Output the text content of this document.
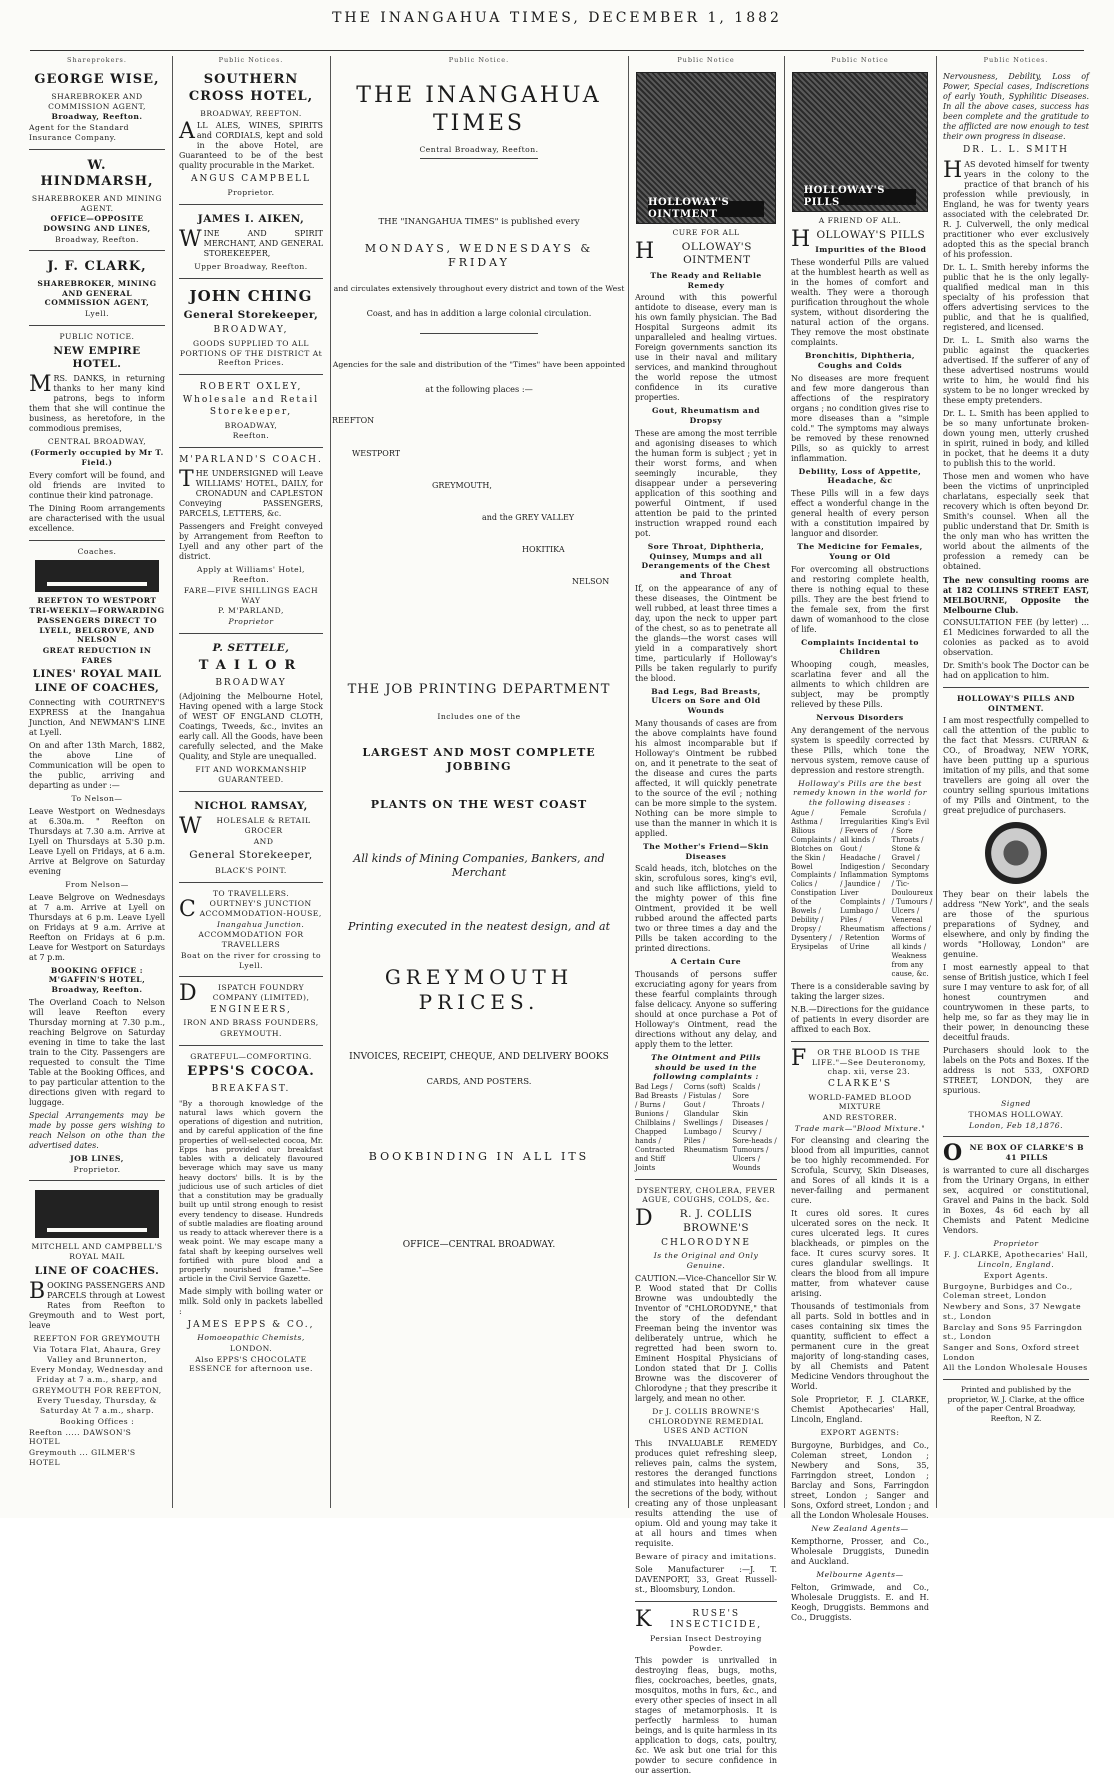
THE INANGAHUA TIMES, DECEMBER 1, 1882
Shareprokers.
GEORGE WISE,
SHAREBROKER AND COMMISSION AGENT,
Broadway, Reefton.
Agent for the Standard Insurance Company.
W. HINDMARSH,
SHAREBROKER AND MINING AGENT.
OFFICE—OPPOSITE DOWSING AND LINES,
Broadway, Reefton.
J. F. CLARK,
SHAREBROKER, MINING AND GENERAL COMMISSION AGENT,
Lyell.
PUBLIC NOTICE.
NEW EMPIRE HOTEL.
MRS. DANKS, in returning thanks to her many kind patrons, begs to inform them that she will continue the business, as heretofore, in the commodious premises,
CENTRAL BROADWAY,
(Formerly occupied by Mr T. Field.)
Every comfort will be found, and old friends are invited to continue their kind patronage.
The Dining Room arrangements are characterised with the usual excellence.
Coaches.
REEFTON TO WESTPORT TRI-WEEKLY—FORWARDING PASSENGERS DIRECT TO LYELL, BELGROVE, AND NELSON
GREAT REDUCTION IN FARES
LINES' ROYAL MAIL LINE OF COACHES,
Connecting with COURTNEY'S EXPRESS at the Inangahua Junction, And NEWMAN'S LINE at Lyell.
On and after 13th March, 1882, the above Line of Communication will be open to the public, arriving and departing as under :—
To Nelson—
Leave Westport on Wednesdays at 6.30a.m. " Reefton on Thursdays at 7.30 a.m. Arrive at Lyell on Thursdays at 5.30 p.m. Leave Lyell on Fridays, at 6 a.m. Arrive at Belgrove on Saturday evening
From Nelson—
Leave Belgrove on Wednesdays at 7 a.m. Arrive at Lyell on Thursdays at 6 p.m. Leave Lyell on Fridays at 9 a.m. Arrive at Reefton on Fridays at 6 p.m. Leave for Westport on Saturdays at 7 p.m.
BOOKING OFFICE : M'GAFFIN'S HOTEL, Broadway, Reefton.
The Overland Coach to Nelson will leave Reefton every Thursday morning at 7.30 p.m., reaching Belgrove on Saturday evening in time to take the last train to the City. Passengers are requested to consult the Time Table at the Booking Offices, and to pay particular attention to the directions given with regard to luggage.
Special Arrangements may be made by posse gers wishing to reach Nelson on othe than the advertised dates.
JOB LINES,
Proprietor.
MITCHELL AND CAMPBELL'S ROYAL MAIL
LINE OF COACHES.
BOOKING PASSENGERS AND PARCELS through at Lowest Rates from Reefton to Greymouth and to West port, leave
REEFTON FOR GREYMOUTH
Via Totara Flat, Ahaura, Grey Valley and Brunnerton,
Every Monday, Wednesday and Friday at 7 a.m., sharp, and
GREYMOUTH FOR REEFTON,
Every Tuesday, Thursday, & Saturday At 7 a.m., sharp.
Booking Offices :
Reefton ..... DAWSON'S HOTEL
Greymouth ... GILMER'S HOTEL
Public Notices.
SOUTHERN CROSS HOTEL,
BROADWAY, REEFTON.
ALL ALES, WINES, SPIRITS and CORDIALS, kept and sold in the above Hotel, are Guaranteed to be of the best quality procurable in the Market.
ANGUS CAMPBELL
Proprietor.
JAMES I. AIKEN,
WINE AND SPIRIT MERCHANT, AND GENERAL STOREKEEPER,
Upper Broadway, Reefton.
JOHN CHING
General Storekeeper,
BROADWAY,
GOODS SUPPLIED TO ALL PORTIONS OF THE DISTRICT At Reefton Prices.
ROBERT OXLEY,
Wholesale and Retail Storekeeper,
BROADWAY,
Reefton.
M'PARLAND'S COACH.
THE UNDERSIGNED will Leave WILLIAMS' HOTEL, DAILY, for CRONADUN and CAPLESTON Conveying PASSENGERS, PARCELS, LETTERS, &c.
Passengers and Freight conveyed by Arrangement from Reefton to Lyell and any other part of the district.
Apply at Williams' Hotel, Reefton.
FARE—FIVE SHILLINGS EACH WAY
P. M'PARLAND,
Proprietor
P. SETTELE,
TAILOR
BROADWAY
(Adjoining the Melbourne Hotel, Having opened with a large Stock of WEST OF ENGLAND CLOTH, Coatings, Tweeds, &c., invites an early call. All the Goods, have been carefully selected, and the Make Quality, and Style are unequalled.
FIT AND WORKMANSHIP GUARANTEED.
NICHOL RAMSAY,
WHOLESALE & RETAIL GROCER
AND
General Storekeeper,
BLACK'S POINT.
TO TRAVELLERS.
COURTNEY'S JUNCTION ACCOMMODATION-HOUSE,
Inangahua Junction.
ACCOMMODATION FOR TRAVELLERS
Boat on the river for crossing to Lyell.
DISPATCH FOUNDRY COMPANY (LIMITED),
ENGINEERS,
IRON AND BRASS FOUNDERS,
GREYMOUTH.
GRATEFUL—COMFORTING.
EPPS'S COCOA.
BREAKFAST.
"By a thorough knowledge of the natural laws which govern the operations of digestion and nutrition, and by careful application of the fine properties of well-selected cocoa, Mr. Epps has provided our breakfast tables with a delicately flavoured beverage which may save us many heavy doctors' bills. It is by the judicious use of such articles of diet that a constitution may be gradually built up until strong enough to resist every tendency to disease. Hundreds of subtle maladies are floating around us ready to attack wherever there is a weak point. We may escape many a fatal shaft by keeping ourselves well fortified with pure blood and a properly nourished frame."—See article in the Civil Service Gazette.
Made simply with boiling water or milk. Sold only in packets labelled :
JAMES EPPS & CO.,
Homoeopathic Chemists,
LONDON.
Also EPPS'S CHOCOLATE ESSENCE for afternoon use.
Public Notice.
THE INANGAHUA TIMES
Central Broadway, Reefton.
THE "INANGAHUA TIMES" is published every
MONDAYS, WEDNESDAYS & FRIDAY
and circulates extensively throughout every district and town of the West
Coast, and has in addition a large colonial circulation.
Agencies for the sale and distribution of the "Times" have been appointed
at the following places :—
REEFTON
WESTPORT
GREYMOUTH,
and the GREY VALLEY
HOKITIKA
NELSON
THE JOB PRINTING DEPARTMENT
Includes one of the
LARGEST AND MOST COMPLETE JOBBING
PLANTS ON THE WEST COAST
All kinds of Mining Companies, Bankers, and Merchant
Printing executed in the neatest design, and at
GREYMOUTH PRICES.
INVOICES, RECEIPT, CHEQUE, AND DELIVERY BOOKS
CARDS, AND POSTERS.
BOOKBINDING IN ALL ITS
OFFICE—CENTRAL BROADWAY.
Public Notice
HOLLOWAY'S OINTMENT
CURE FOR ALL
HOLLOWAY'S OINTMENT
The Ready and Reliable Remedy
Around with this powerful antidote to disease, every man is his own family physician. The Bad Hospital Surgeons admit its unparalleled and healing virtues. Foreign governments sanction its use in their naval and military services, and mankind throughout the world repose the utmost confidence in its curative properties.
Gout, Rheumatism and Dropsy
These are among the most terrible and agonising diseases to which the human form is subject ; yet in their worst forms, and when seemingly incurable, they disappear under a persevering application of this soothing and powerful Ointment, if used attention be paid to the printed instruction wrapped round each pot.
Sore Throat, Diphtheria, Quinsey, Mumps and all Derangements of the Chest and Throat
If, on the appearance of any of these diseases, the Ointment be well rubbed, at least three times a day, upon the neck to upper part of the chest, so as to penetrate all the glands—the worst cases will yield in a comparatively short time, particularly if Holloway's Pills be taken regularly to purify the blood.
Bad Legs, Bad Breasts, Ulcers on Sore and Old Wounds
Many thousands of cases are from the above complaints have found his almost incomparable but if Holloway's Ointment be rubbed on, and it penetrate to the seat of the disease and cures the parts affected, it will quickly penetrate to the source of the evil ; nothing can be more simple to the system. Nothing can be more simple to use than the manner in which it is applied.
The Mother's Friend—Skin Diseases
Scald heads, itch, blotches on the skin, scrofulous sores, king's evil, and such like afflictions, yield to the mighty power of this fine Ointment, provided it be well rubbed around the affected parts two or three times a day and the Pills be taken according to the printed directions.
A Certain Cure
Thousands of persons suffer excruciating agony for years from these fearful complaints through false delicacy. Anyone so suffering should at once purchase a Pot of Holloway's Ointment, read the directions without any delay, and apply them to the letter.
The Ointment and Pills should be used in the following complaints :
Bad Legs / Bad Breasts / Burns / Bunions / Chilblains / Chapped hands / Contracted and Stiff Joints
Corns (soft) / Fistulas / Gout / Glandular Swellings / Lumbago / Piles / Rheumatism
Scalds / Sore Throats / Skin Diseases / Scurvy / Sore-heads / Tumours / Ulcers / Wounds
DYSENTERY, CHOLERA, FEVER AGUE, COUGHS, COLDS, &c.
DR. J. COLLIS BROWNE'S
CHLORODYNE
Is the Original and Only Genuine.
CAUTION.—Vice-Chancellor Sir W. P. Wood stated that Dr Collis Browne was undoubtedly the Inventor of "CHLORODYNE," that the story of the defendant Freeman being the inventor was deliberately untrue, which he regretted had been sworn to. Eminent Hospital Physicians of London stated that Dr J. Collis Browne was the discoverer of Chlorodyne ; that they prescribe it largely, and mean no other.
Dr J. COLLIS BROWNE'S CHLORODYNE REMEDIAL USES AND ACTION
This INVALUABLE REMEDY produces quiet refreshing sleep, relieves pain, calms the system, restores the deranged functions and stimulates into healthy action the secretions of the body, without creating any of those unpleasant results attending the use of opium. Old and young may take it at all hours and times when requisite.
Beware of piracy and imitations.
Sole Manufacturer :—J. T. DAVENPORT, 33, Great Russell-st., Bloomsbury, London.
KRUSE'S INSECTICIDE,
Persian Insect Destroying Powder.
This powder is unrivalled in destroying fleas, bugs, moths, flies, cockroaches, beetles, gnats, mosquitos, moths in furs, &c., and every other species of insect in all stages of metamorphosis. It is perfectly harmless to human beings, and is quite harmless in its application to dogs, cats, poultry, &c. We ask but one trial for this powder to secure confidence in our assertion.
Public Notice
HOLLOWAY'S PILLS
A FRIEND OF ALL.
HOLLOWAY'S PILLS
Impurities of the Blood
These wonderful Pills are valued at the humblest hearth as well as in the homes of comfort and wealth. They were a thorough purification throughout the whole system, without disordering the natural action of the organs. They remove the most obstinate complaints.
Bronchitis, Diphtheria, Coughs and Colds
No diseases are more frequent and few more dangerous than affections of the respiratory organs ; no condition gives rise to more diseases than a "simple cold." The symptoms may always be removed by these renowned Pills, so as quickly to arrest inflammation.
Debility, Loss of Appetite, Headache, &c
These Pills will in a few days effect a wonderful change in the general health of every person with a constitution impaired by languor and disorder.
The Medicine for Females, Young or Old
For overcoming all obstructions and restoring complete health, there is nothing equal to these pills. They are the best friend to the female sex, from the first dawn of womanhood to the close of life.
Complaints Incidental to Children
Whooping cough, measles, scarlatina fever and all the ailments to which children are subject, may be promptly relieved by these Pills.
Nervous Disorders
Any derangement of the nervous system is speedily corrected by these Pills, which tone the nervous system, remove cause of depression and restore strength.
Holloway's Pills are the best remedy known in the world for the following diseases :
Ague / Asthma / Bilious Complaints / Blotches on the Skin / Bowel Complaints / Colics / Constipation of the Bowels / Debility / Dropsy / Dysentery / Erysipelas
Female Irregularities / Fevers of all kinds / Gout / Headache / Indigestion / Inflammation / Jaundice / Liver Complaints / Lumbago / Piles / Rheumatism / Retention of Urine
Scrofula / King's Evil / Sore Throats / Stone & Gravel / Secondary Symptoms / Tic-Douloureux / Tumours / Ulcers / Venereal affections / Worms of all kinds / Weakness from any cause, &c.
There is a considerable saving by taking the larger sizes.
N.B.—Directions for the guidance of patients in every disorder are affixed to each Box.
FOR THE BLOOD IS THE LIFE."—See Deuteronomy, chap. xii, verse 23.
CLARKE'S
WORLD-FAMED BLOOD MIXTURE
AND RESTORER.
Trade mark—"Blood Mixture."
For cleansing and clearing the blood from all impurities, cannot be too highly recommended. For Scrofula, Scurvy, Skin Diseases, and Sores of all kinds it is a never-failing and permanent cure.
It cures old sores. It cures ulcerated sores on the neck. It cures ulcerated legs. It cures blackheads, or pimples on the face. It cures scurvy sores. It cures glandular swellings. It clears the blood from all impure matter, from whatever cause arising.
Thousands of testimonials from all parts. Sold in bottles and in cases containing six times the quantity, sufficient to effect a permanent cure in the great majority of long-standing cases, by all Chemists and Patent Medicine Vendors throughout the World.
Sole Proprietor, F. J. CLARKE, Chemist Apothecaries' Hall, Lincoln, England.
EXPORT AGENTS:
Burgoyne, Burbidges, and Co., Coleman street, London ; Newbery and Sons, 35, Farringdon street, London ; Barclay and Sons, Farringdon street, London ; Sanger and Sons, Oxford street, London ; and all the London Wholesale Houses.
New Zealand Agents—
Kempthorne, Prosser, and Co., Wholesale Druggists, Dunedin and Auckland.
Melbourne Agents—
Felton, Grimwade, and Co., Wholesale Druggists. E. and H. Keogh, Druggists. Bemmons and Co., Druggists.
Public Notices.
Nervousness, Debility, Loss of Power, Special cases, Indiscretions of early Youth, Syphilitic Diseases. In all the above cases, success has been complete and the gratitude to the afflicted are now enough to test their own progress in disease.
DR. L. L. SMITH
HAS devoted himself for twenty years in the colony to the practice of that branch of his profession while previously, in England, he was for twenty years associated with the celebrated Dr. R. J. Culverwell, the only medical practitioner who ever exclusively adopted this as the special branch of his profession.
Dr. L. L. Smith hereby informs the public that he is the only legally-qualified medical man in this specialty of his profession that offers advertising services to the public, and that he is qualified, registered, and licensed.
Dr. L. L. Smith also warns the public against the quackeries advertised. If the sufferer of any of these advertised nostrums would write to him, he would find his system to be no longer wrecked by these empty pretenders.
Dr. L. L. Smith has been applied to be so many unfortunate broken-down young men, utterly crushed in spirit, ruined in body, and killed in pocket, that he deems it a duty to publish this to the world.
Those men and women who have been the victims of unprincipled charlatans, especially seek that recovery which is often beyond Dr. Smith's counsel. When all the public understand that Dr. Smith is the only man who has written the world about the ailments of the profession a remedy can be obtained.
The new consulting rooms are at 182 COLLINS STREET EAST, MELBOURNE, Opposite the Melbourne Club.
CONSULTATION FEE (by letter) ... £1 Medicines forwarded to all the colonies as packed as to avoid observation.
Dr. Smith's book The Doctor can be had on application to him.
HOLLOWAY'S PILLS AND OINTMENT.
I am most respectfully compelled to call the attention of the public to the fact that Messrs. CURRAN & CO., of Broadway, NEW YORK, have been putting up a spurious imitation of my pills, and that some travellers are going all over the country selling spurious imitations of my Pills and Ointment, to the great prejudice of purchasers.
They bear on their labels the address "New York", and the seals are those of the spurious preparations of Sydney, and elsewhere, and only by finding the words "Holloway, London" are genuine.
I most earnestly appeal to that sense of British justice, which I feel sure I may venture to ask for, of all honest countrymen and countrywomen in these parts, to help me, so far as they may lie in their power, in denouncing these deceitful frauds.
Purchasers should look to the labels on the Pots and Boxes. If the address is not 533, OXFORD STREET, LONDON, they are spurious.
Signed
THOMAS HOLLOWAY.
London, Feb 18,1876.
ONE BOX OF CLARKE'S B 41 PILLS
is warranted to cure all discharges from the Urinary Organs, in either sex, acquired or constitutional, Gravel and Pains in the back. Sold in Boxes, 4s 6d each by all Chemists and Patent Medicine Vendors.
Proprietor
F. J. CLARKE, Apothecaries' Hall,
Lincoln, England.
Export Agents.
Burgoyne, Burbidges and Co., Coleman street, London
Newbery and Sons, 37 Newgate st., London
Barclay and Sons 95 Farringdon st., London
Sanger and Sons, Oxford street London
All the London Wholesale Houses
Printed and published by the proprietor, W. J. Clarke, at the office of the paper Central Broadway, Reefton, N Z.
